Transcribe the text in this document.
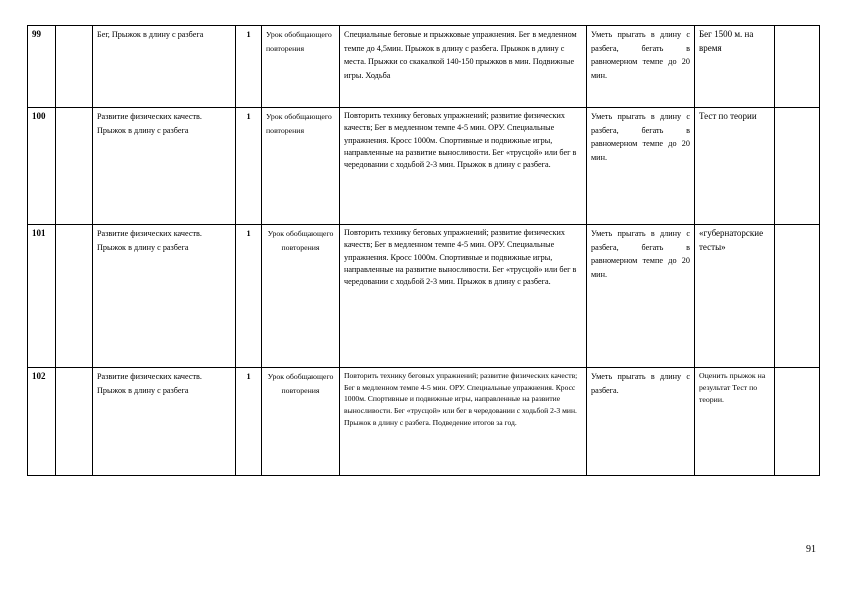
99		Бег, Прыжок в длину с разбега	1	Урок обобщающего повторения	Специальные беговые и прыжковые упражнения. Бег в медленном темпе до 4,5мин. Прыжок в длину с разбега. Прыжок в длину с места. Прыжки со скакалкой 140-150 прыжков в мин. Подвижные игры. Ходьба	Уметь прыгать в длину с разбега, бегать в равномерном темпе до 20 мин.	Бег 1500 м. на время	
100		Развитие физических качеств. Прыжок в длину с разбега	1	Урок обобщающего повторения	Повторить технику беговых упражнений; развитие физических качеств; Бег в медленном темпе 4-5 мин. ОРУ. Специальные упражнения. Кросс 1000м. Спортивные и подвижные игры, направленные на развитие выносливости. Бег «трусцой» или бег в чередовании с ходьбой 2-3 мин. Прыжок в длину с разбега.	Уметь прыгать в длину с разбега, бегать в равномерном темпе до 20 мин.	Тест по теории	
101		Развитие физических качеств. Прыжок в длину с разбега	1	Урок обобщающего повторения	Повторить технику беговых упражнений; развитие физических качеств; Бег в медленном темпе 4-5 мин. ОРУ. Специальные упражнения. Кросс 1000м. Спортивные и подвижные игры, направленные на развитие выносливости. Бег «трусцой» или бег в чередовании с ходьбой 2-3 мин. Прыжок в длину с разбега.	Уметь прыгать в длину с разбега, бегать в равномерном темпе до 20 мин.	«губернаторские тесты»	
102		Развитие физических качеств. Прыжок в длину с разбега	1	Урок обобщающего повторения	Повторить технику беговых упражнений; развитие физических качеств; Бег в медленном темпе 4-5 мин. ОРУ. Специальные упражнения. Кросс 1000м. Спортивные и подвижные игры, направленные на развитие выносливости. Бег «трусцой» или бег в чередовании с ходьбой 2-3 мин. Прыжок в длину с разбега. Подведение итогов за год.	Уметь прыгать в длину с разбега.	Оценить прыжок на результат Тест по теории.	
91
